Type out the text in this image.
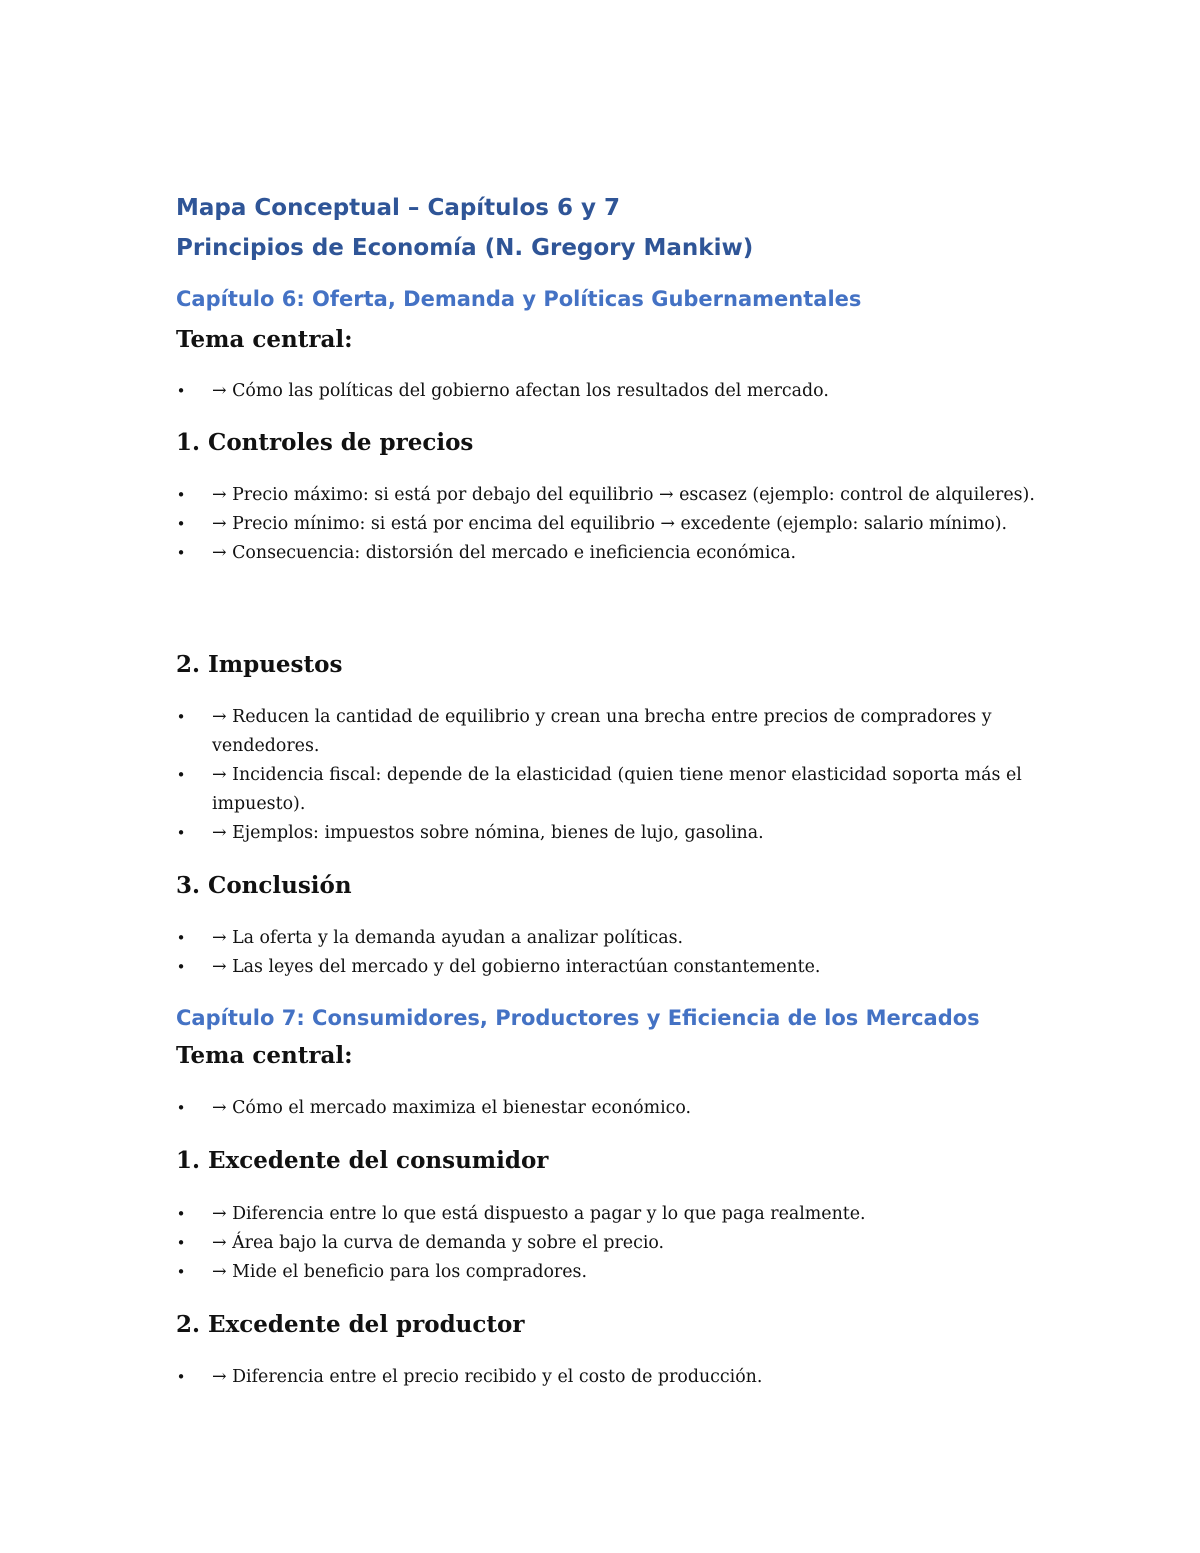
Mapa Conceptual – Capítulos 6 y 7
Principios de Economía (N. Gregory Mankiw)
Capítulo 6: Oferta, Demanda y Políticas Gubernamentales
Tema central:
• → Cómo las políticas del gobierno afectan los resultados del mercado.
1. Controles de precios
• → Precio máximo: si está por debajo del equilibrio → escasez (ejemplo: control de alquileres).
• → Precio mínimo: si está por encima del equilibrio → excedente (ejemplo: salario mínimo).
• → Consecuencia: distorsión del mercado e ineficiencia económica.
2. Impuestos
• → Reducen la cantidad de equilibrio y crean una brecha entre precios de compradores y vendedores.
• → Incidencia fiscal: depende de la elasticidad (quien tiene menor elasticidad soporta más el impuesto).
• → Ejemplos: impuestos sobre nómina, bienes de lujo, gasolina.
3. Conclusión
• → La oferta y la demanda ayudan a analizar políticas.
• → Las leyes del mercado y del gobierno interactúan constantemente.
Capítulo 7: Consumidores, Productores y Eficiencia de los Mercados
Tema central:
• → Cómo el mercado maximiza el bienestar económico.
1. Excedente del consumidor
• → Diferencia entre lo que está dispuesto a pagar y lo que paga realmente.
• → Área bajo la curva de demanda y sobre el precio.
• → Mide el beneficio para los compradores.
2. Excedente del productor
• → Diferencia entre el precio recibido y el costo de producción.
